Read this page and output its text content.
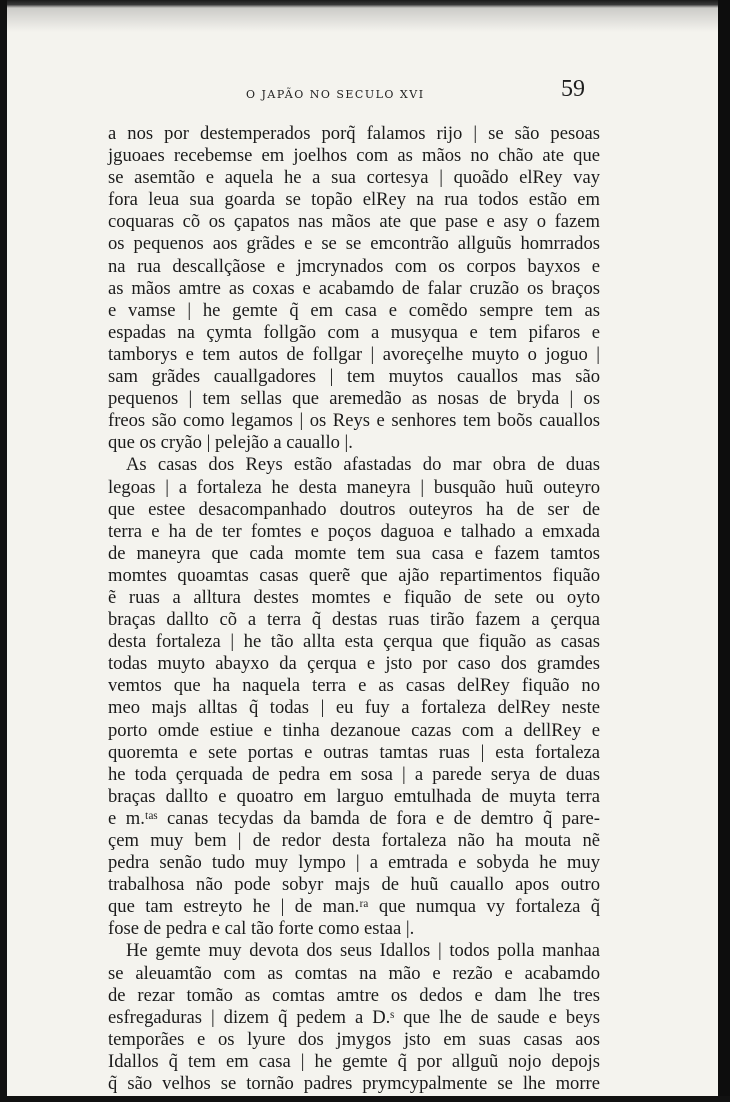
O JAPÃO NO SECULO XVI	59
a nos por destemperados porq̃ falamos rijo | se são pesoas
jguoaes recebemse em joelhos com as mãos no chão ate que
se asemtão e aquela he a sua cortesya | quoãdo elRey vay
fora leua sua goarda se topão elRey na rua todos estão em
coquaras cõ os çapatos nas mãos ate que pase e asy o fazem
os pequenos aos grãdes e se se emcontrão allguũs homrrados
na rua descallçãose e jmcrynados com os corpos bayxos e
as mãos amtre as coxas e acabamdo de falar cruzão os braços
e vamse | he gemte q̃ em casa e comẽdo sempre tem as
espadas na çymta follgão com a musyqua e tem pifaros e
tamborys e tem autos de follgar | avoreçelhe muyto o joguo |
sam grãdes cauallgadores | tem muytos cauallos mas são
pequenos | tem sellas que aremedão as nosas de bryda | os
freos são como legamos | os Reys e senhores tem boõs cauallos
que os cryão | pelejão a cauallo |.
As casas dos Reys estão afastadas do mar obra de duas
legoas | a fortaleza he desta maneyra | busquão huũ outeyro
que estee desacompanhado doutros outeyros ha de ser de
terra e ha de ter fomtes e poços daguoa e talhado a emxada
de maneyra que cada momte tem sua casa e fazem tamtos
momtes quoamtas casas querẽ que ajão repartimentos fiquão
ẽ ruas a alltura destes momtes e fiquão de sete ou oyto
braças dallto cõ a terra q̃ destas ruas tirão fazem a çerqua
desta fortaleza | he tão allta esta çerqua que fiquão as casas
todas muyto abayxo da çerqua e jsto por caso dos gramdes
vemtos que ha naquela terra e as casas delRey fiquão no
meo majs alltas q̃ todas | eu fuy a fortaleza delRey neste
porto omde estiue e tinha dezanoue cazas com a dellRey e
quoremta e sete portas e outras tamtas ruas | esta fortaleza
he toda çerquada de pedra em sosa | a parede serya de duas
braças dallto e quoatro em larguo emtulhada de muyta terra
e m.ᵗᵃˢ canas tecydas da bamda de fora e de demtro q̃ pare-
çem muy bem | de redor desta fortaleza não ha mouta nẽ
pedra senão tudo muy lympo | a emtrada e sobyda he muy
trabalhosa não pode sobyr majs de huũ cauallo apos outro
que tam estreyto he | de man.ʳᵃ que numqua vy fortaleza q̃
fose de pedra e cal tão forte como estaa |.
He gemte muy devota dos seus Idallos | todos polla manhaa
se aleuamtão com as comtas na mão e rezão e acabamdo
de rezar tomão as comtas amtre os dedos e dam lhe tres
esfregaduras | dizem q̃ pedem a D.ˢ que lhe de saude e beys
temporães e os lyure dos jmygos jsto em suas casas aos
Idallos q̃ tem em casa | he gemte q̃ por allguũ nojo depojs
q̃ são velhos se tornão padres prymcypalmente se lhe morre
